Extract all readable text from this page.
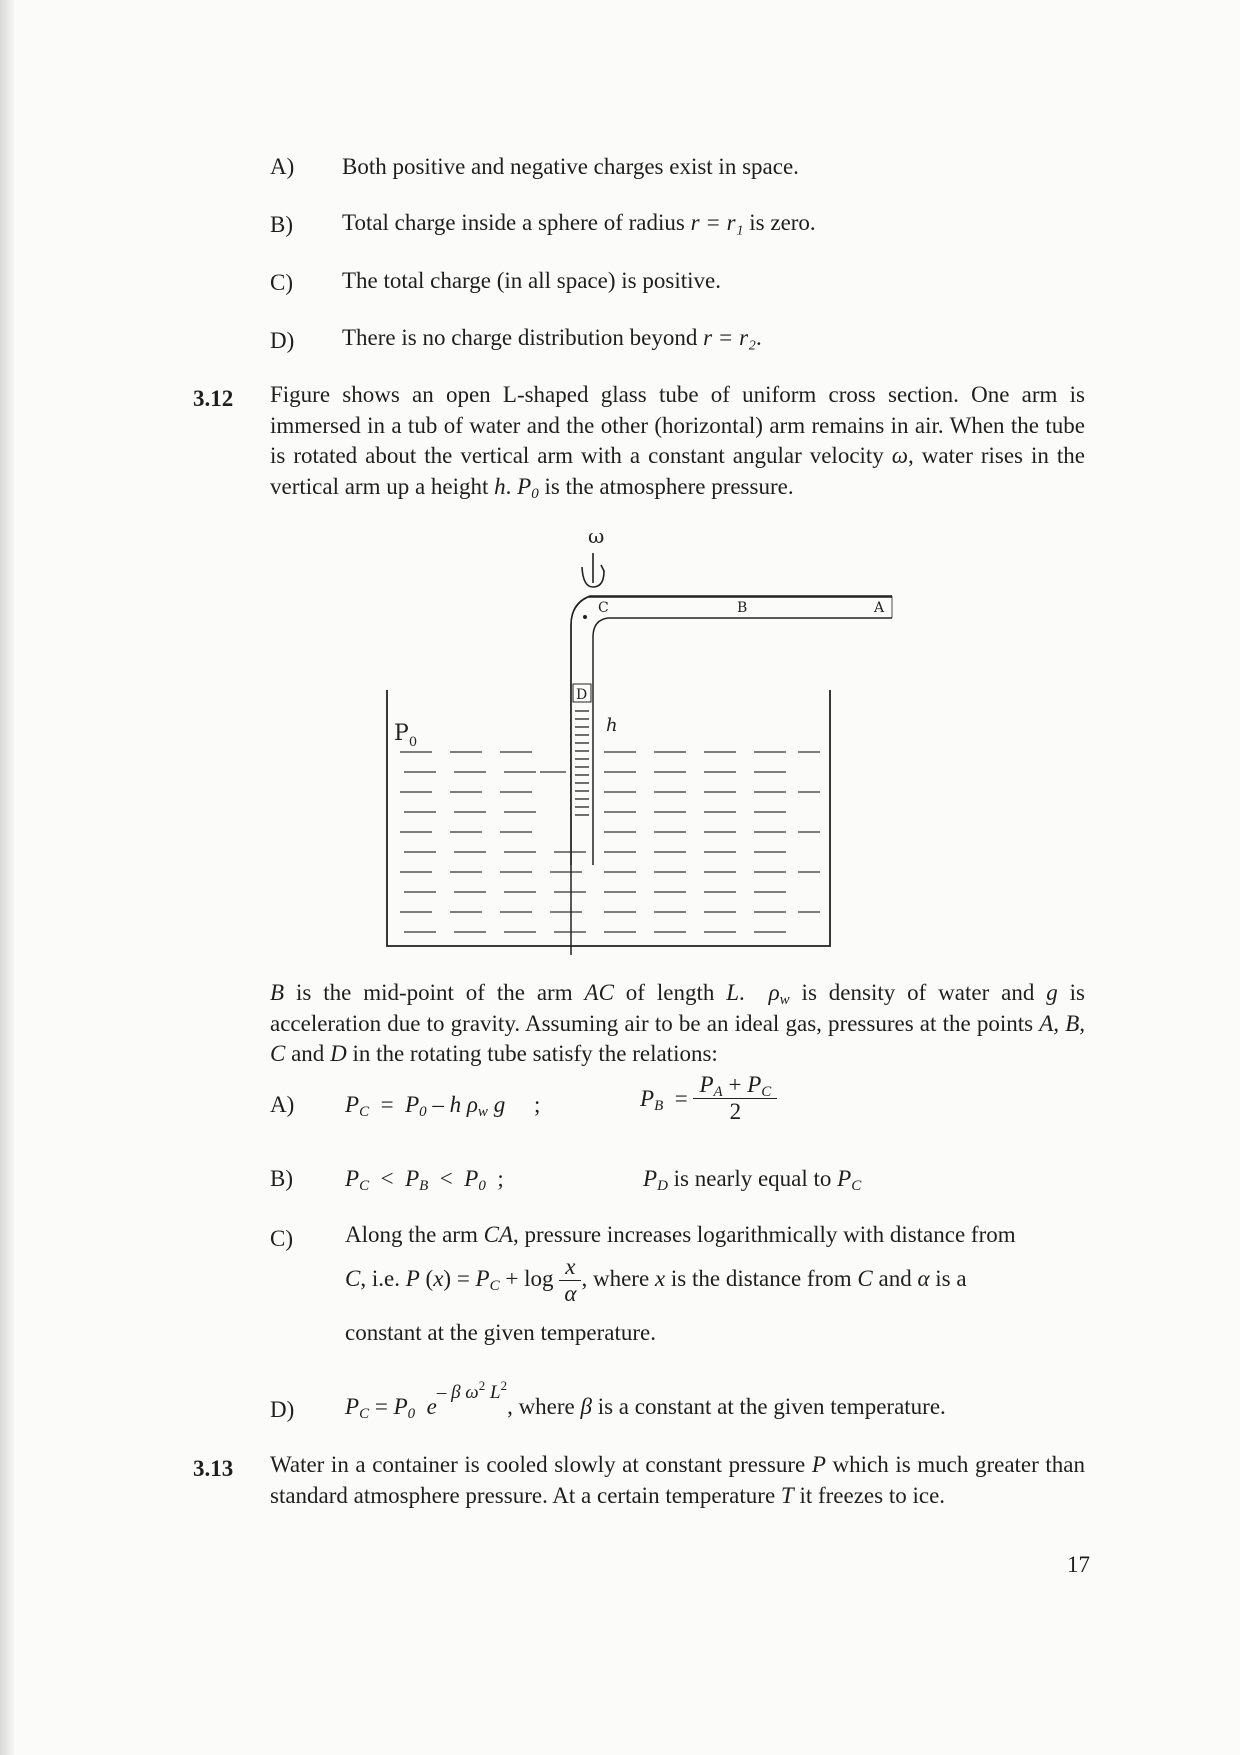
A) Both positive and negative charges exist in space.
B) Total charge inside a sphere of radius r = r₁ is zero.
C) The total charge (in all space) is positive.
D) There is no charge distribution beyond r = r₂.
3.12 Figure shows an open L-shaped glass tube of uniform cross section. One arm is immersed in a tub of water and the other (horizontal) arm remains in air. When the tube is rotated about the vertical arm with a constant angular velocity ω, water rises in the vertical arm up a height h. $P_0$ is the atmosphere pressure.
ω
C	B	A
D
h
$P_0$
B is the mid-point of the arm AC of length L.  $\rho_w$ is density of water and g is acceleration due to gravity. Assuming air to be an ideal gas, pressures at the points A, B, C and D in the rotating tube satisfy the relations:
A) $P_C = P_0 - h$ $\rho_w$ g     ;	$P_B = \frac{P_A + P_C}{2}$
B) $P_C < P_B < P_0$  ;	$P_D$ is nearly equal to $P_C$
C) Along the arm CA, pressure increases logarithmically with distance from
C, i.e. P $(x) = P_C + \log \frac{x}{\alpha}$ , where x is the distance from C and α is a
constant at the given temperature.
D) $P_C = P_0$ $e^{- \beta \omega^2 L^2}$, where β is a constant at the given temperature.
3.13 Water in a container is cooled slowly at constant pressure P which is much greater than standard atmosphere pressure. At a certain temperature T it freezes to ice.
17
